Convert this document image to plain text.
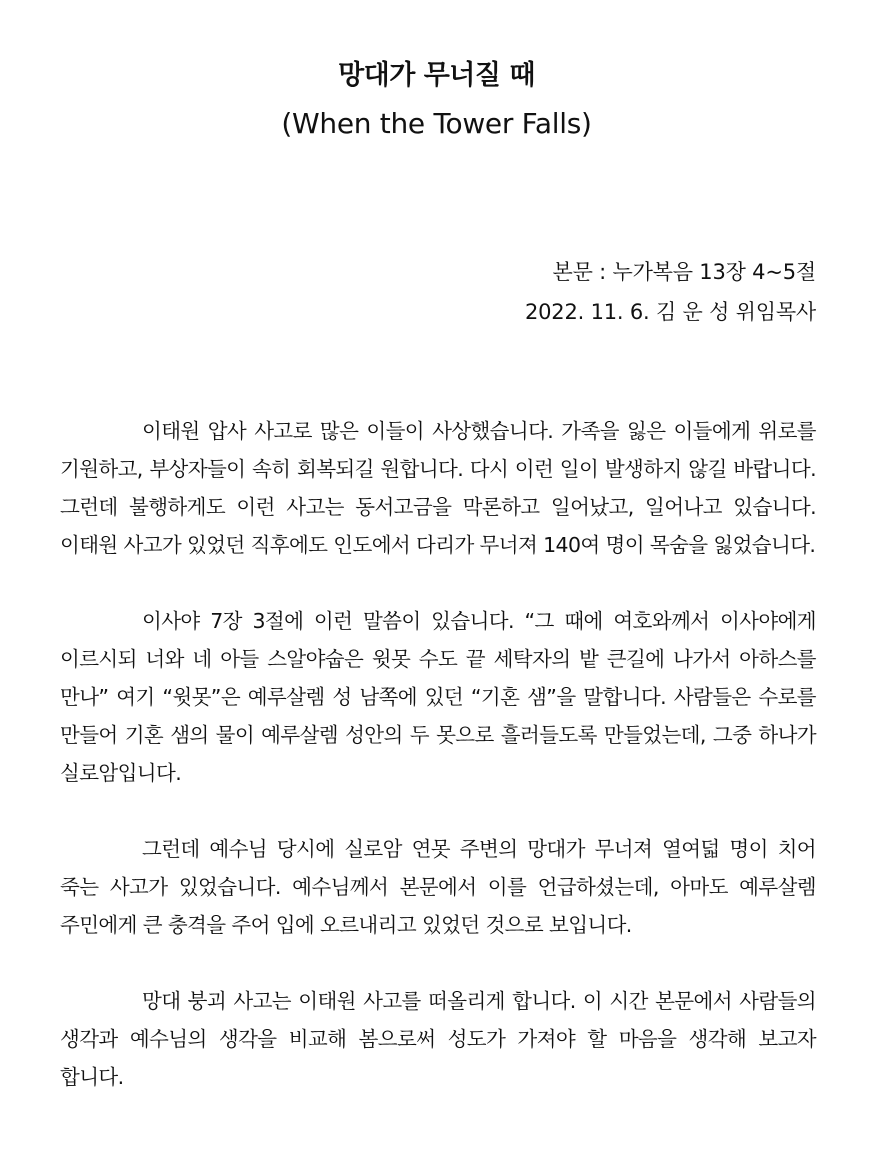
망대가 무너질 때
(When the Tower Falls)
본문 : 누가복음 13장 4~5절
2022. 11. 6. 김 운 성 위임목사

이태원 압사 사고로 많은 이들이 사상했습니다. 가족을 잃은 이들에게 위로를 기원하고, 부상자들이 속히 회복되길 원합니다. 다시 이런 일이 발생하지 않길 바랍니다. 그런데 불행하게도 이런 사고는 동서고금을 막론하고 일어났고, 일어나고 있습니다. 이태원 사고가 있었던 직후에도 인도에서 다리가 무너져 140여 명이 목숨을 잃었습니다.

이사야 7장 3절에 이런 말씀이 있습니다. “그 때에 여호와께서 이사야에게 이르시되 너와 네 아들 스알야숩은 윗못 수도 끝 세탁자의 밭 큰길에 나가서 아하스를 만나” 여기 “윗못”은 예루살렘 성 남쪽에 있던 “기혼 샘”을 말합니다. 사람들은 수로를 만들어 기혼 샘의 물이 예루살렘 성안의 두 못으로 흘러들도록 만들었는데, 그중 하나가 실로암입니다.

그런데 예수님 당시에 실로암 연못 주변의 망대가 무너져 열여덟 명이 치어 죽는 사고가 있었습니다. 예수님께서 본문에서 이를 언급하셨는데, 아마도 예루살렘 주민에게 큰 충격을 주어 입에 오르내리고 있었던 것으로 보입니다.

망대 붕괴 사고는 이태원 사고를 떠올리게 합니다. 이 시간 본문에서 사람들의 생각과 예수님의 생각을 비교해 봄으로써 성도가 가져야 할 마음을 생각해 보고자 합니다.
